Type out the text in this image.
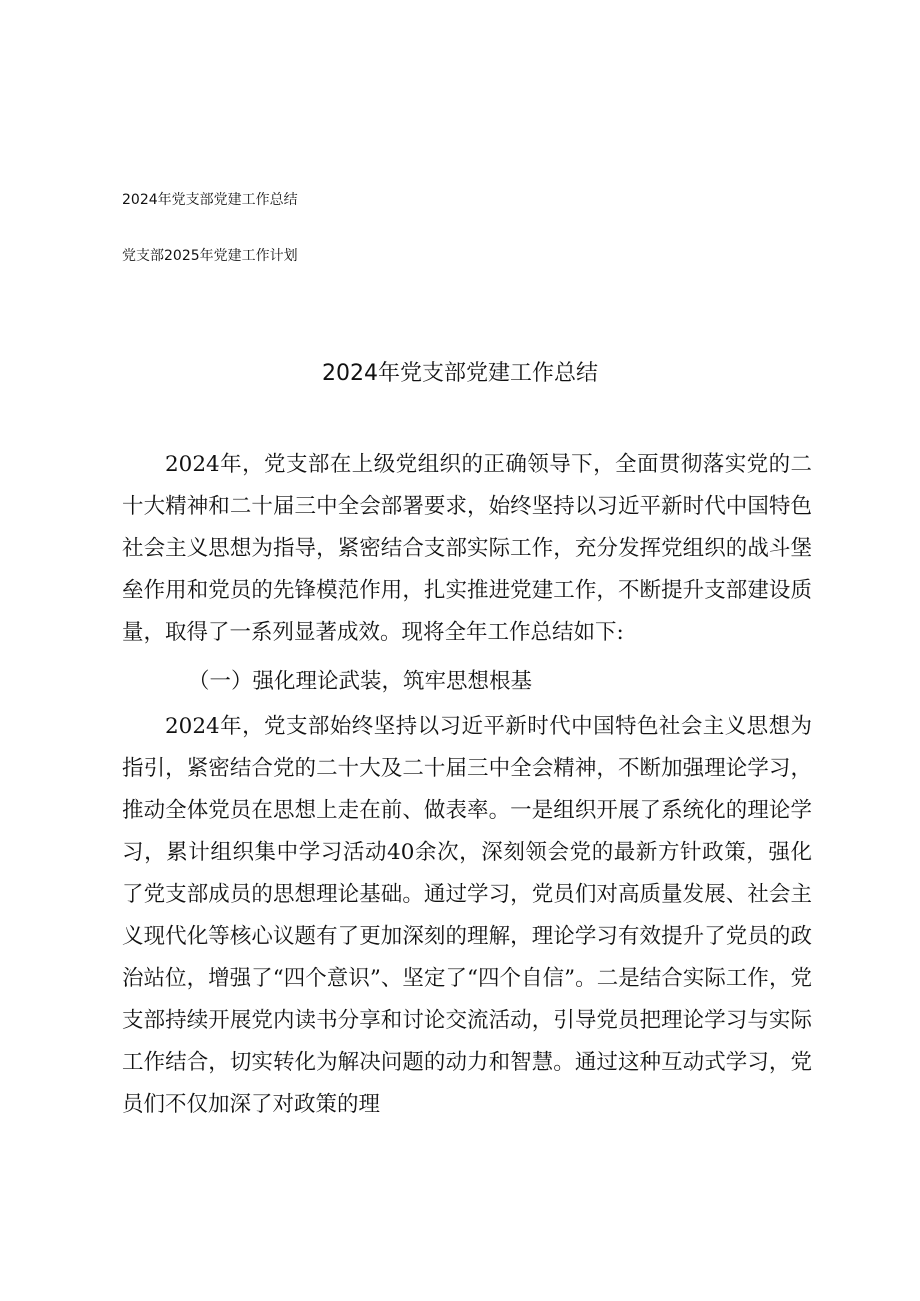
2024年党支部党建工作总结
党支部2025年党建工作计划
2024年党支部党建工作总结

2024年，党支部在上级党组织的正确领导下，全面贯彻落实党的二十大精神和二十届三中全会部署要求，始终坚持以习近平新时代中国特色社会主义思想为指导，紧密结合支部实际工作，充分发挥党组织的战斗堡垒作用和党员的先锋模范作用，扎实推进党建工作，不断提升支部建设质量，取得了一系列显著成效。现将全年工作总结如下:

（一）强化理论武装，筑牢思想根基

2024年，党支部始终坚持以习近平新时代中国特色社会主义思想为指引，紧密结合党的二十大及二十届三中全会精神，不断加强理论学习，推动全体党员在思想上走在前、做表率。一是组织开展了系统化的理论学习，累计组织集中学习活动40余次，深刻领会党的最新方针政策，强化了党支部成员的思想理论基础。通过学习，党员们对高质量发展、社会主义现代化等核心议题有了更加深刻的理解，理论学习有效提升了党员的政治站位，增强了“四个意识”、坚定了“四个自信”。二是结合实际工作，党支部持续开展党内读书分享和讨论交流活动，引导党员把理论学习与实际工作结合，切实转化为解决问题的动力和智慧。通过这种互动式学习，党员们不仅加深了对政策的理
